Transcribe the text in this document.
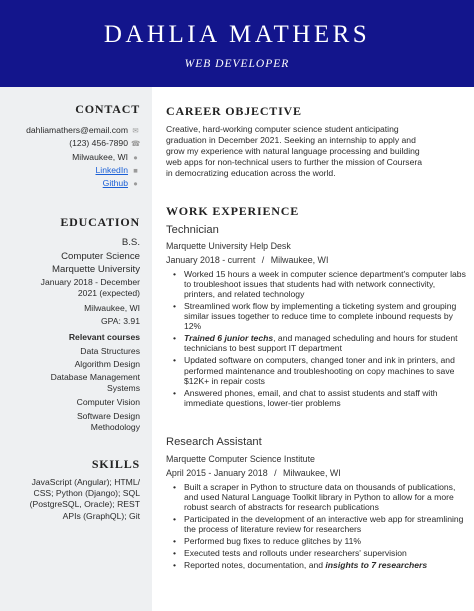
DAHLIA MATHERS
WEB DEVELOPER
CONTACT
dahliamathers@email.com ✉
(123) 456-7890 ☎
Milwaukee, WI ●
LinkedIn ■
Github ●
EDUCATION
B.S.
Computer Science
Marquette University
January 2018 - December
2021 (expected)
Milwaukee, WI
GPA: 3.91
Relevant courses
Data Structures
Algorithm Design
Database Management
Systems
Computer Vision
Software Design
Methodology
SKILLS
JavaScript (Angular); HTML/
CSS; Python (Django); SQL
(PostgreSQL, Oracle); REST
APIs (GraphQL); Git
CAREER OBJECTIVE
Creative, hard-working computer science student anticipating
graduation in December 2021. Seeking an internship to apply and
grow my experience with natural language processing and building
web apps for non-technical users to further the mission of Coursera
in democratizing education across the world.
WORK EXPERIENCE
Technician
Marquette University Help Desk
January 2018 - current / Milwaukee, WI
• Worked 15 hours a week in computer science department's computer labs to troubleshoot issues that students had with network connectivity, printers, and related technology
• Streamlined work flow by implementing a ticketing system and grouping similar issues together to reduce time to complete inbound requests by 12%
• Trained 6 junior techs, and managed scheduling and hours for student technicians to best support IT department
• Updated software on computers, changed toner and ink in printers, and performed maintenance and troubleshooting on copy machines to save $12K+ in repair costs
• Answered phones, email, and chat to assist students and staff with immediate questions, lower-tier problems
Research Assistant
Marquette Computer Science Institute
April 2015 - January 2018 / Milwaukee, WI
• Built a scraper in Python to structure data on thousands of publications, and used Natural Language Toolkit library in Python to allow for a more robust search of abstracts for research publications
• Participated in the development of an interactive web app for streamlining the process of literature review for researchers
• Performed bug fixes to reduce glitches by 11%
• Executed tests and rollouts under researchers' supervision
• Reported notes, documentation, and insights to 7 researchers
